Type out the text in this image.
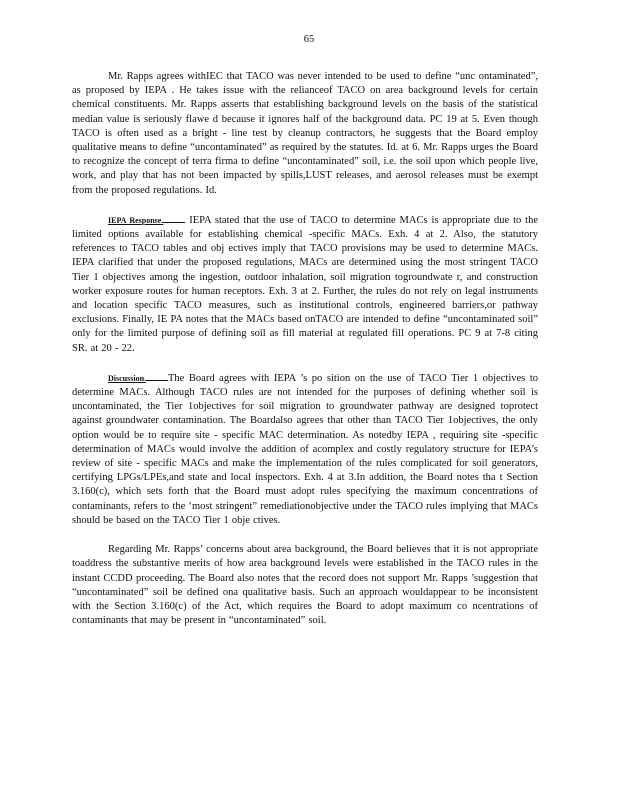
65

Mr. Rapps agrees withIEC that TACO was never intended to be used to define “unc ontaminated”, as proposed by IEPA . He takes issue with the relianceof TACO on area background levels for certain chemical constituents. Mr. Rapps asserts that establishing background levels on the basis of the statistical median value is seriously flawe d because it ignores half of the background data. PC 19 at 5. Even though TACO is often used as a bright - line test by cleanup contractors, he suggests that the Board employ qualitative means to define “uncontaminated” as required by the statutes. Id. at 6. Mr. Rapps urges the Board to recognize the concept of terra firma to define “uncontaminated” soil, i.e. the soil upon which people live, work, and play that has not been impacted by spills,LUST releases, and aerosol releases must be exempt from the proposed regulations. Id.

IEPA Response. IEPA stated that the use of TACO to determine MACs is appropriate due to the limited options available for establishing chemical -specific MACs. Exh. 4 at 2. Also, the statutory references to TACO tables and obj ectives imply that TACO provisions may be used to determine MACs. IEPA clarified that under the proposed regulations, MACs are determined using the most stringent TACO Tier 1 objectives among the ingestion, outdoor inhalation, soil migration togroundwate r, and construction worker exposure routes for human receptors. Exh. 3 at 2. Further, the rules do not rely on legal instruments and location specific TACO measures, such as institutional controls, engineered barriers,or pathway exclusions. Finally, IE PA notes that the MACs based onTACO are intended to define “uncontaminated soil” only for the limited purpose of defining soil as fill material at regulated fill operations. PC 9 at 7-8 citing SR. at 20 - 22.

Discussion. The Board agrees with IEPA ’s po sition on the use of TACO Tier 1 objectives to determine MACs. Although TACO rules are not intended for the purposes of defining whether soil is uncontaminated, the Tier 1objectives for soil migration to groundwater pathway are designed toprotect against groundwater contamination. The Boardalso agrees that other than TACO Tier 1objectives, the only option would be to require site - specific MAC determination. As notedby IEPA , requiring site -specific determination of MACs would involve the addition of acomplex and costly regulatory structure for IEPA’s review of site - specific MACs and make the implementation of the rules complicated for soil generators, certifying LPGs/LPEs,and state and local inspectors. Exh. 4 at 3.In addition, the Board notes tha t Section 3.160(c), which sets forth that the Board must adopt rules specifying the maximum concentrations of contaminants, refers to the ‘most stringent” remediationobjective under the TACO rules implying that MACs should be based on the TACO Tier 1 obje ctives.

Regarding Mr. Rapps’ concerns about area background, the Board believes that it is not appropriate toaddress the substantive merits of how area background levels were established in the TACO rules in the instant CCDD proceeding. The Board also notes that the record does not support Mr. Rapps ’suggestion that “uncontaminated” soil be defined ona qualitative basis. Such an approach wouldappear to be inconsistent with the Section 3.160(c) of the Act, which requires the Board to adopt maximum co ncentrations of contaminants that may be present in “uncontaminated” soil.
